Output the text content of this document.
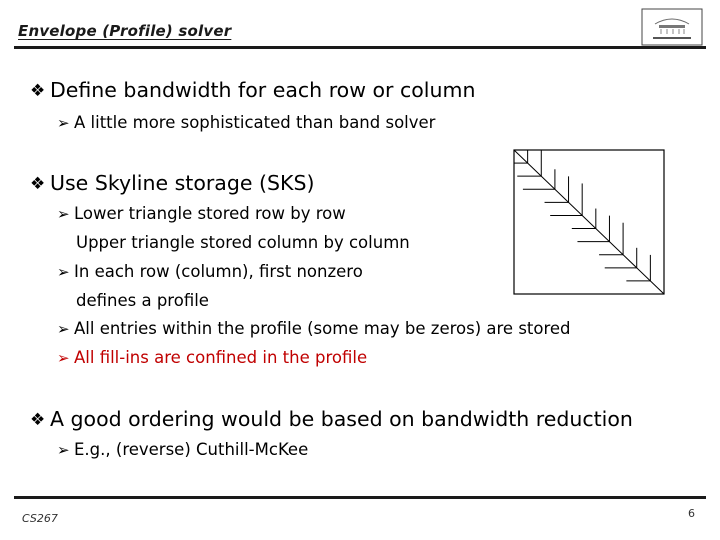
Envelope (Profile) solver
❖ Define bandwidth for each row or column
➢ A little more sophisticated than band solver
❖ Use Skyline storage (SKS)
➢ Lower triangle stored row by row
Upper triangle stored column by column
➢ In each row (column), first nonzero
defines a profile
➢ All entries within the profile (some may be zeros) are stored
➢ All fill-ins are confined in the profile
❖ A good ordering would be based on bandwidth reduction
➢ E.g., (reverse) Cuthill-McKee
CS267	6
